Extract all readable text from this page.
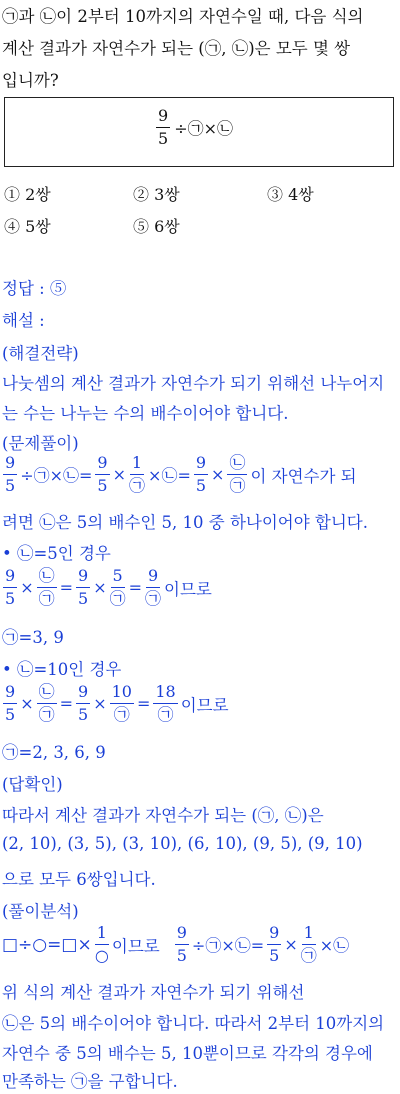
㉠과 ㉡이 2부터 10까지의 자연수일 때, 다음 식의
계산 결과가 자연수가 되는 (㉠, ㉡)은 모두 몇 쌍
입니까?
$\frac{9}{5}$ ÷㉠×㉡
① 2쌍	② 3쌍	③ 4쌍
④ 5쌍	⑤ 6쌍
정답 : ⑤
해설 :
(해결전략)
나눗셈의 계산 결과가 자연수가 되기 위해선 나누어지
는 수는 나누는 수의 배수이어야 합니다.
(문제풀이)
$\frac{9}{5}$ ÷㉠×㉡= $\frac{9}{5} \times \frac{1}{㉠}$ ×㉡= $\frac{9}{5} \times \frac{㉡}{㉠}$ 이 자연수가 되
려면 ㉡은 5의 배수인 5, 10 중 하나이어야 합니다.
• ㉡=5인 경우
$\frac{9}{5} \times \frac{㉡}{㉠} = \frac{9}{5} \times \frac{5}{㉠} = \frac{9}{㉠}$ 이므로
㉠=3, 9
• ㉡=10인 경우
$\frac{9}{5} \times \frac{㉡}{㉠} = \frac{9}{5} \times \frac{10}{㉠} = \frac{18}{㉠}$ 이므로
㉠=2, 3, 6, 9
(답확인)
따라서 계산 결과가 자연수가 되는 (㉠, ㉡)은
(2, 10), (3, 5), (3, 10), (6, 10), (9, 5), (9, 10)
으로 모두 6쌍입니다.
(풀이분석)
□÷○=□× $\frac{1}{○}$ 이므로 $\frac{9}{5}$ ÷㉠×㉡= $\frac{9}{5} \times \frac{1}{㉠}$ ×㉡
위 식의 계산 결과가 자연수가 되기 위해선
㉡은 5의 배수이어야 합니다. 따라서 2부터 10까지의
자연수 중 5의 배수는 5, 10뿐이므로 각각의 경우에
만족하는 ㉠을 구합니다.
